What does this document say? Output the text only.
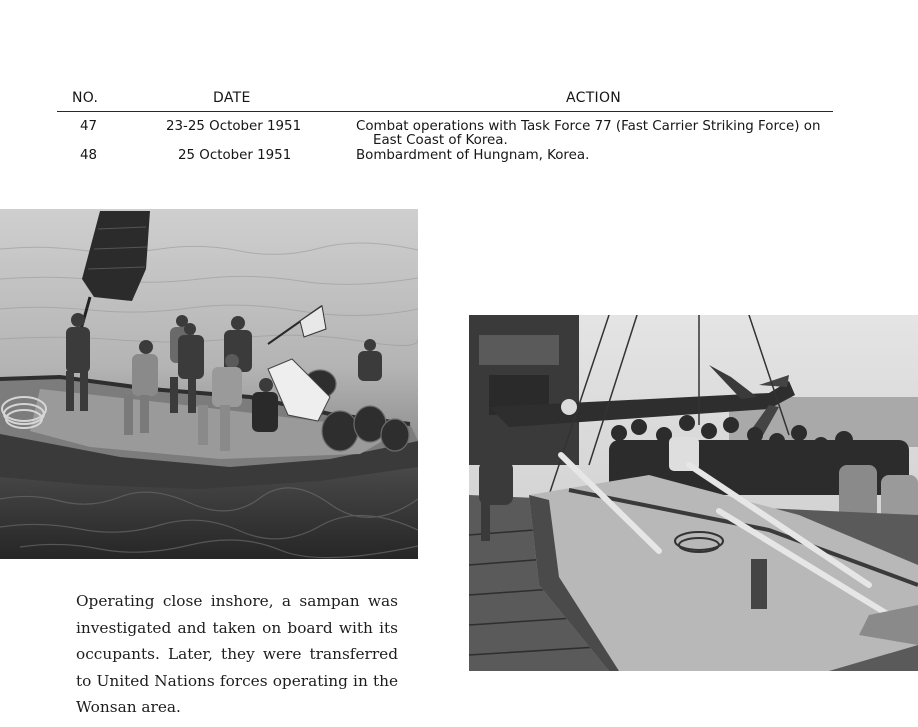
NO.	DATE	ACTION
47	23-25 October 1951	Combat operations with Task Force 77 (Fast Carrier Striking Force) on
East Coast of Korea.
48	25 October 1951	Bombardment of Hungnam, Korea.
Operating close inshore, a sampan was investigated and taken on board with its occupants. Later, they were transferred to United Nations forces operating in the Wonsan area.
